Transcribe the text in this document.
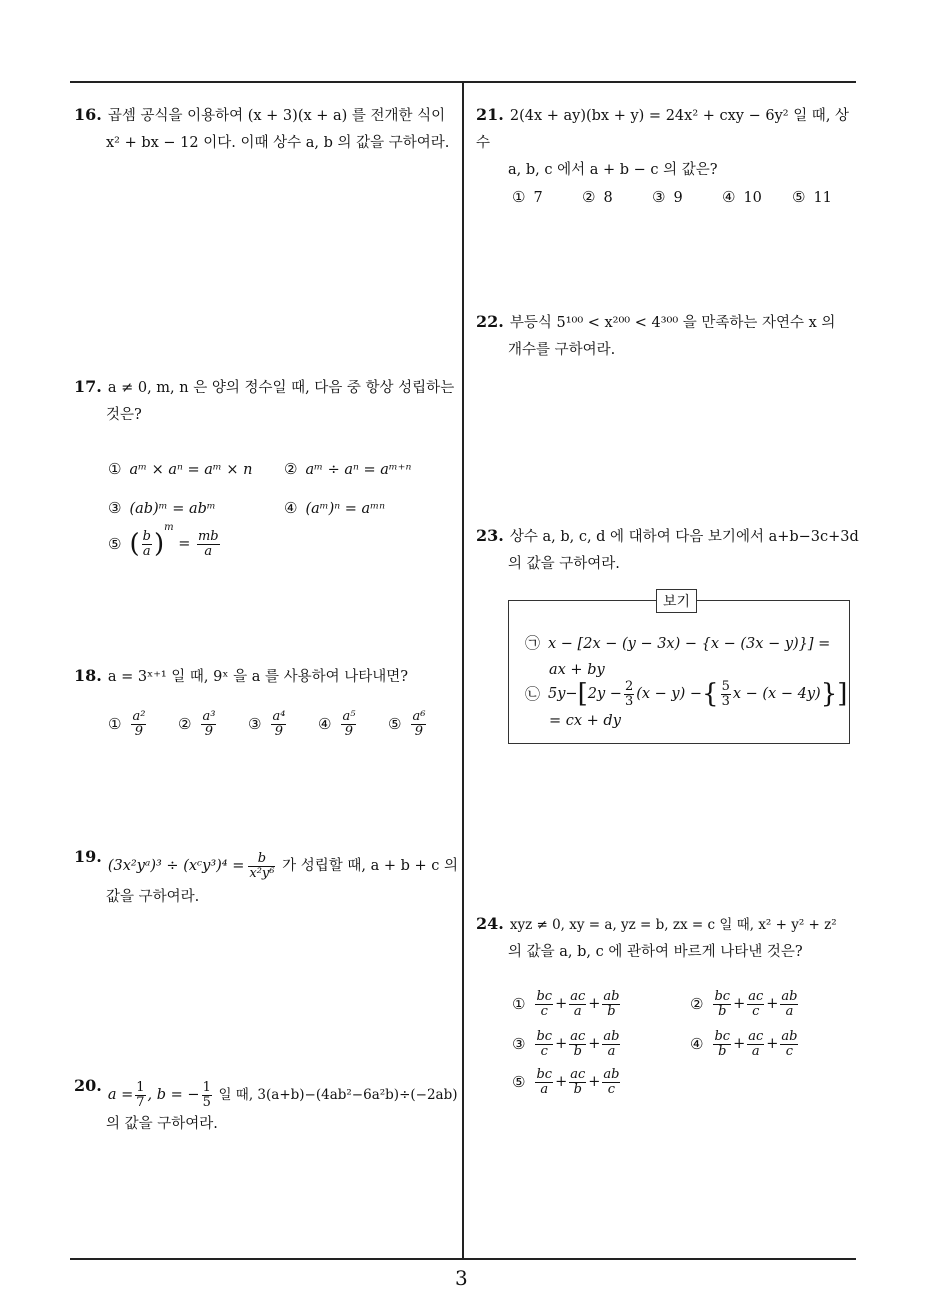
16. 곱셈 공식을 이용하여 (x + 3)(x + a) 를 전개한 식이
x² + bx − 12 이다. 이때 상수 a, b 의 값을 구하여라.
17. a ≠ 0, m, n 은 양의 정수일 때, 다음 중 항상 성립하는
것은?
① aᵐ × aⁿ = aᵐ × n ② aᵐ ÷ aⁿ = aᵐ⁺ⁿ
③ (ab)ᵐ = abᵐ	④ (aᵐ)ⁿ = aᵐⁿ
⑤ ( $\frac{b}{a} )^m = \frac{mb}{a}$
18. a = 3ˣ⁺¹ 일 때, 9ˣ 을 a 를 사용하여 나타내면?
① $\frac{\text{a²}}{9}$ ② $\frac{\text{a³}}{9}$ ③ $\frac{\text{a⁴}}{9}$ ④ $\frac{\text{a⁵}}{9}$ ⑤ $\frac{\text{a⁶}}{9}$
19. (3x²yᵃ)³ ÷ (xᶜy³)⁴ = $\frac{b}{\text{x²y⁶}}$ 가 성립할 때, a + b + c 의
값을 구하여라.
20. $a = \frac{1}{7}$ , b = − $\frac{1}{5}$ 일 때, 3(a+b)−(4ab²−6a²b)÷(−2ab)
의 값을 구하여라.
21. 2(4x + ay)(bx + y) = 24x² + cxy − 6y² 일 때, 상수
a, b, c 에서 a + b − c 의 값은?
① 7	② 8	③ 9	④ 10 ⑤ 11
22. 부등식 5¹⁰⁰ < x²⁰⁰ < 4³⁰⁰ 을 만족하는 자연수 x 의
개수를 구하여라.
23. 상수 a, b, c, d 에 대하여 다음 보기에서 a+b−3c+3d
의 값을 구하여라.
보기
㉠ x − [2x − (y − 3x) − {x − (3x − y)}] =
ax + by
㉡ $5y-[2y - \frac{2}{3} (x - y)$ −{ $\frac{5}{3}$ x − (x − 4y)}]
= cx + dy
24. xyz ≠ 0, xy = a, yz = b, zx = c 일 때, x² + y² + z²
의 값을 a, b, c 에 관하여 바르게 나타낸 것은?
① $\frac{bc}{c} + \frac{ac}{a} + \frac{ab}{b}$	② $\frac{bc}{b} + \frac{ac}{c} + \frac{ab}{a}$
③ $\frac{bc}{c} + \frac{ac}{b} + \frac{ab}{a}$	④ $\frac{bc}{b} + \frac{ac}{a} + \frac{ab}{c}$
⑤ $\frac{bc}{a} + \frac{ac}{b} + \frac{ab}{c}$
3
